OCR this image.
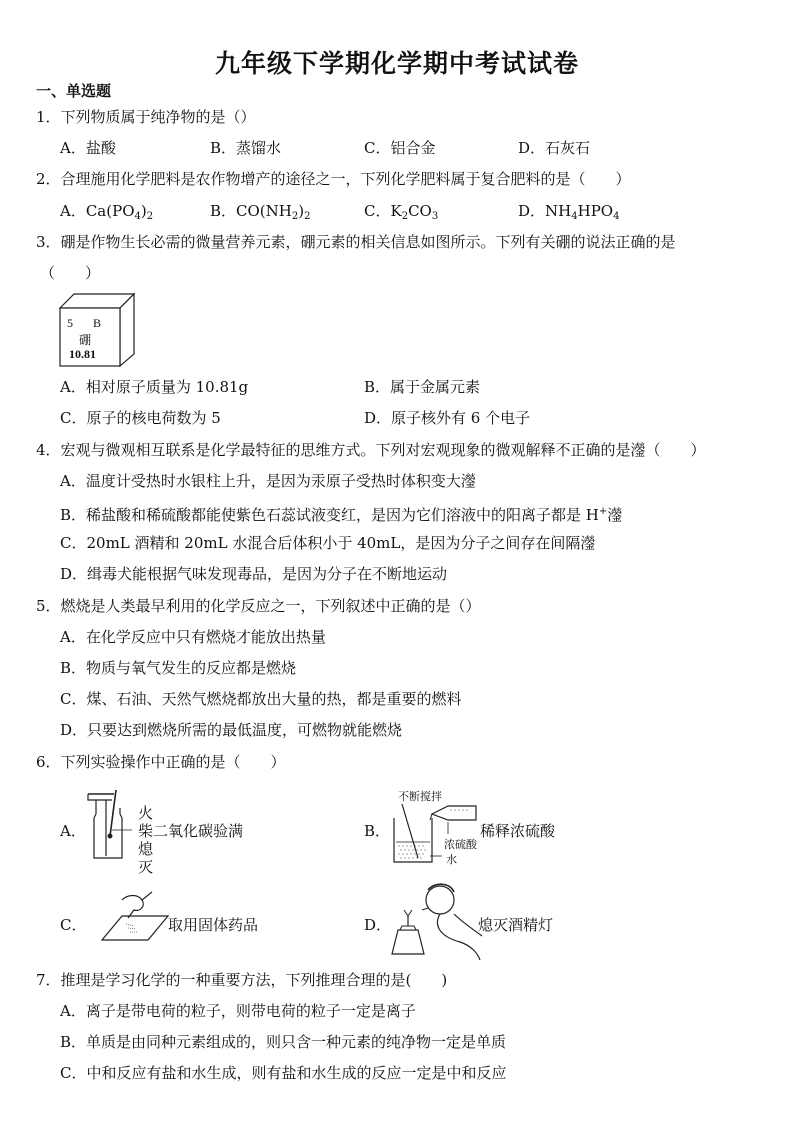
九年级下学期化学期中考试试卷
一、单选题
1．下列物质属于纯净物的是（）
A．盐酸	B．蒸馏水	C．铝合金	D．石灰石
2．合理施用化学肥料是农作物增产的途径之一，下列化学肥料属于复合肥料的是（　　）
A．$Ca(PO_4)_2$	B．$CO(NH_2)_2$	C．$K_2CO_3$	D．$NH_4HPO_4$
3．硼是作物生长必需的微量营养元素，硼元素的相关信息如图所示。下列有关硼的说法正确的是
（　　）
5 B
硼
10.81
A．相对原子质量为 10.81g	B．属于金属元素
C．原子的核电荷数为 5	D．原子核外有 6 个电子
4．宏观与微观相互联系是化学最特征的思维方式。下列对宏观现象的微观解释不正确的是灐（　　）
A．温度计受热时水银柱上升，是因为汞原子受热时体积变大灐
B．稀盐酸和稀硫酸都能使紫色石蕊试液变红，是因为它们溶液中的阳离子都是 H+灐
C．20mL 酒精和 20mL 水混合后体积小于 40mL，是因为分子之间存在间隔灐
D．缉毒犬能根据气味发现毒品，是因为分子在不断地运动
5．燃烧是人类最早利用的化学反应之一，下列叙述中正确的是（）
A．在化学反应中只有燃烧才能放出热量
B．物质与氧气发生的反应都是燃烧
C．煤、石油、天然气燃烧都放出大量的热，都是重要的燃料
D．只要达到燃烧所需的最低温度，可燃物就能燃烧
6．下列实验操作中正确的是（　　）
A．
火
柴 二氧化碳验满
熄
灭
B．
不断搅拌
稀释浓硫酸
浓硫酸
水
C．	取用固体药品	D．	熄灭酒精灯
7．推理是学习化学的一种重要方法，下列推理合理的是(　　)
A．离子是带电荷的粒子，则带电荷的粒子一定是离子
B．单质是由同种元素组成的，则只含一种元素的纯净物一定是单质
C．中和反应有盐和水生成，则有盐和水生成的反应一定是中和反应
